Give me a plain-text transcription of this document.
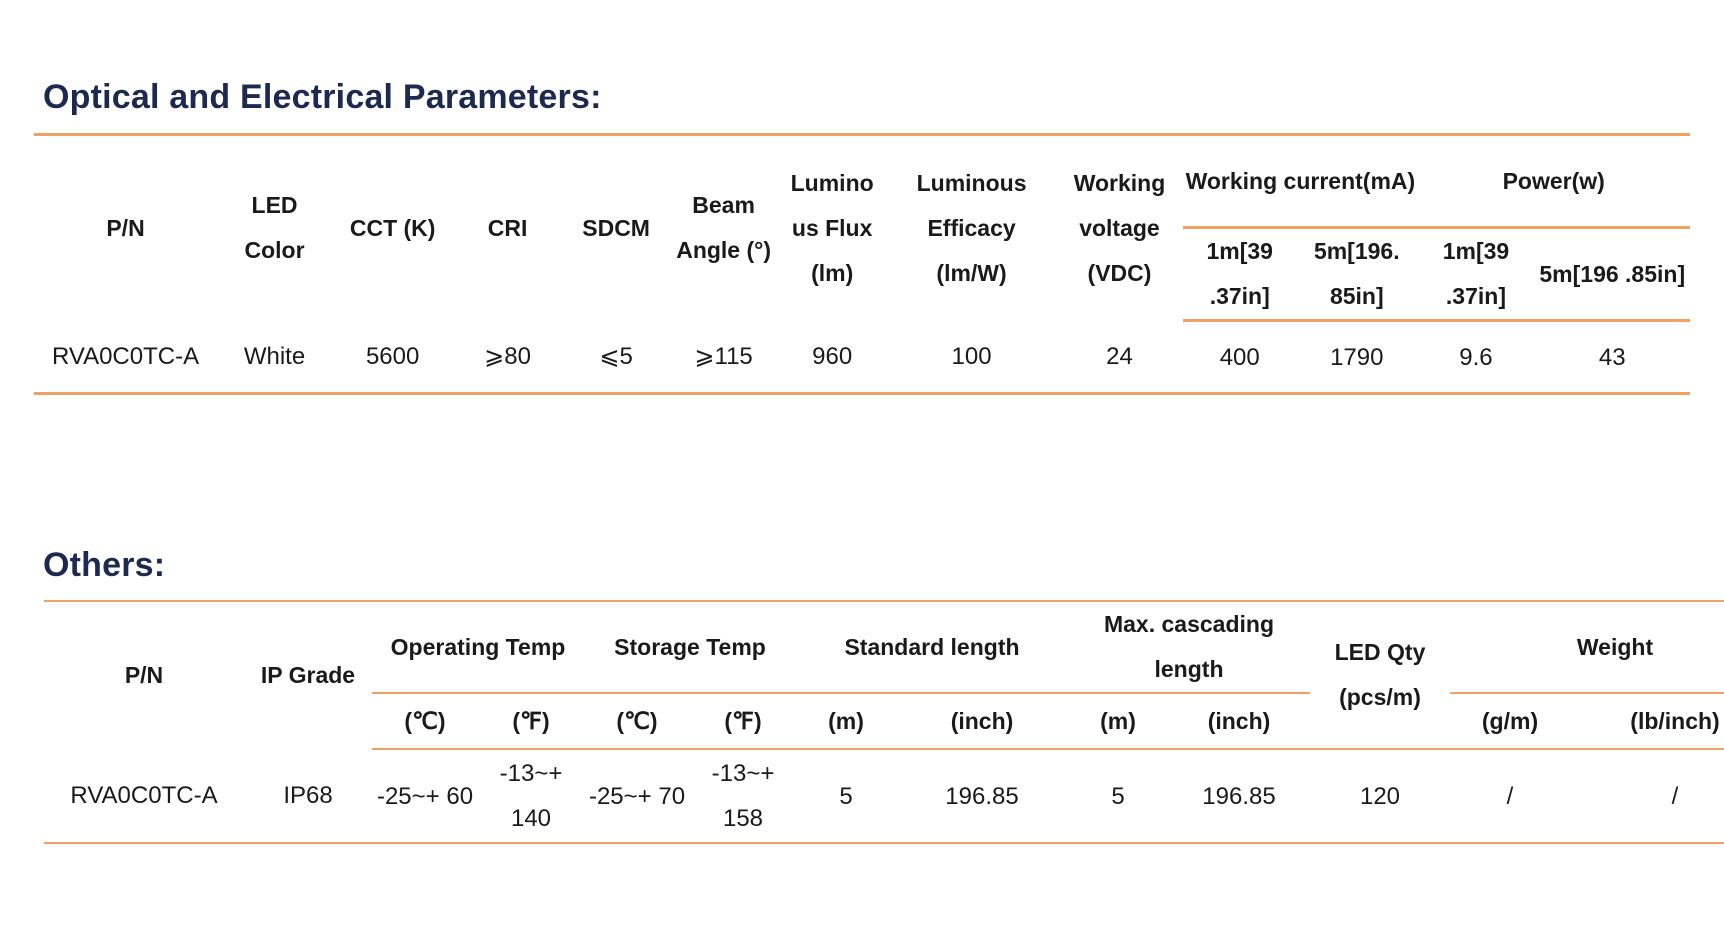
Optical and Electrical Parameters:
P/N	LED Color	CCT (K)	CRI	SDCM	Beam Angle (°)	Lumino us Flux (lm)	Luminous Efficacy (lm/W)	Working voltage (VDC)	Working current(mA)		Power(w)	
									1m[39 .37in]	5m[196. 85in]	1m[39 .37in]	5m[196 .85in]
RVA0C0TC-A	White	5600	⩾80	⩽5	⩾115	960	100	24	400	1790	9.6	43
Others:
P/N	IP Grade	Operating Temp		Storage Temp		Standard length		Max. cascading length		LED Qty (pcs/m)	Weight	
		(℃)	(℉)	(℃)	(℉)	(m)	(inch)	(m)	(inch)		(g/m)	(lb/inch)
RVA0C0TC-A	IP68	-25~+ 60	-13~+ 140	-25~+ 70	-13~+ 158	5	196.85	5	196.85	120	/	/
